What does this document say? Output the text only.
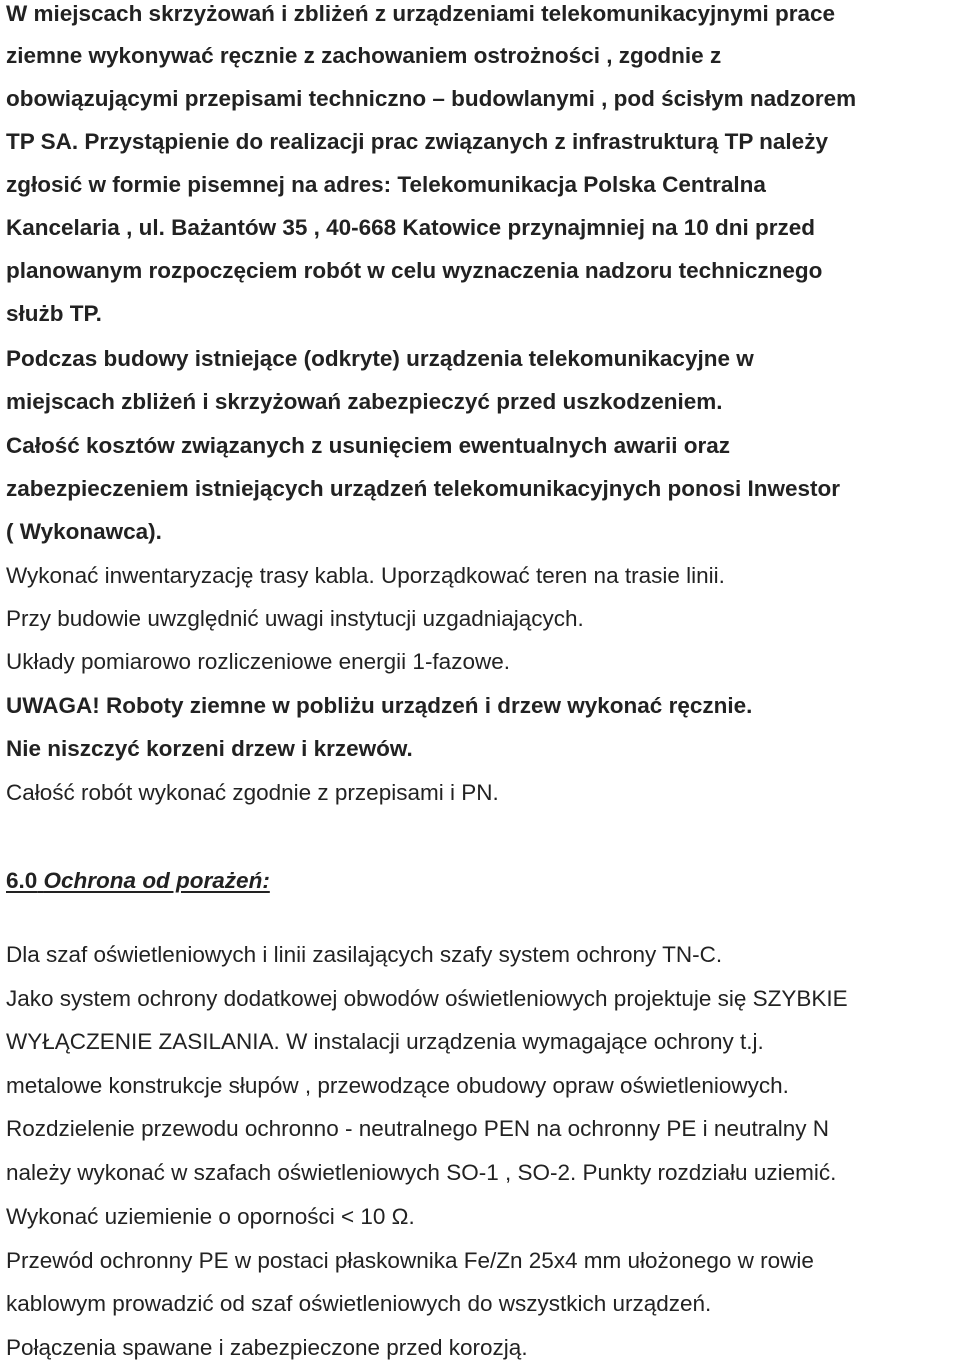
W miejscach skrzyżowań i zbliżeń z urządzeniami telekomunikacyjnymi prace
ziemne wykonywać ręcznie z zachowaniem ostrożności , zgodnie z
obowiązującymi przepisami techniczno – budowlanymi , pod ścisłym nadzorem
TP SA. Przystąpienie do realizacji prac związanych z infrastrukturą TP należy
zgłosić w formie pisemnej na adres: Telekomunikacja Polska Centralna
Kancelaria , ul. Bażantów 35 , 40-668 Katowice przynajmniej na 10 dni przed
planowanym rozpoczęciem robót w celu wyznaczenia nadzoru technicznego
służb TP.
Podczas budowy istniejące (odkryte) urządzenia telekomunikacyjne w
miejscach zbliżeń i skrzyżowań zabezpieczyć przed uszkodzeniem.
Całość kosztów związanych z usunięciem ewentualnych awarii oraz
zabezpieczeniem istniejących urządzeń telekomunikacyjnych ponosi Inwestor
( Wykonawca).
Wykonać inwentaryzację trasy kabla. Uporządkować teren na trasie linii.
Przy budowie uwzględnić uwagi instytucji uzgadniających.
Układy pomiarowo rozliczeniowe energii 1-fazowe.
UWAGA! Roboty ziemne w pobliżu urządzeń i drzew wykonać ręcznie.
Nie niszczyć korzeni drzew i krzewów.
Całość robót wykonać zgodnie z przepisami i PN.
6.0 Ochrona od porażeń:
Dla szaf oświetleniowych i linii zasilających szafy system ochrony TN-C.
Jako system ochrony dodatkowej obwodów oświetleniowych projektuje się SZYBKIE
WYŁĄCZENIE ZASILANIA. W instalacji urządzenia wymagające ochrony t.j.
metalowe konstrukcje słupów , przewodzące obudowy opraw oświetleniowych.
Rozdzielenie przewodu ochronno - neutralnego PEN na ochronny PE i neutralny N
należy wykonać w szafach oświetleniowych SO-1 , SO-2. Punkty rozdziału uziemić.
Wykonać uziemienie o oporności < 10 Ω.
Przewód ochronny PE w postaci płaskownika Fe/Zn 25x4 mm ułożonego w rowie
kablowym prowadzić od szaf oświetleniowych do wszystkich urządzeń.
Połączenia spawane i zabezpieczone przed korozją.
